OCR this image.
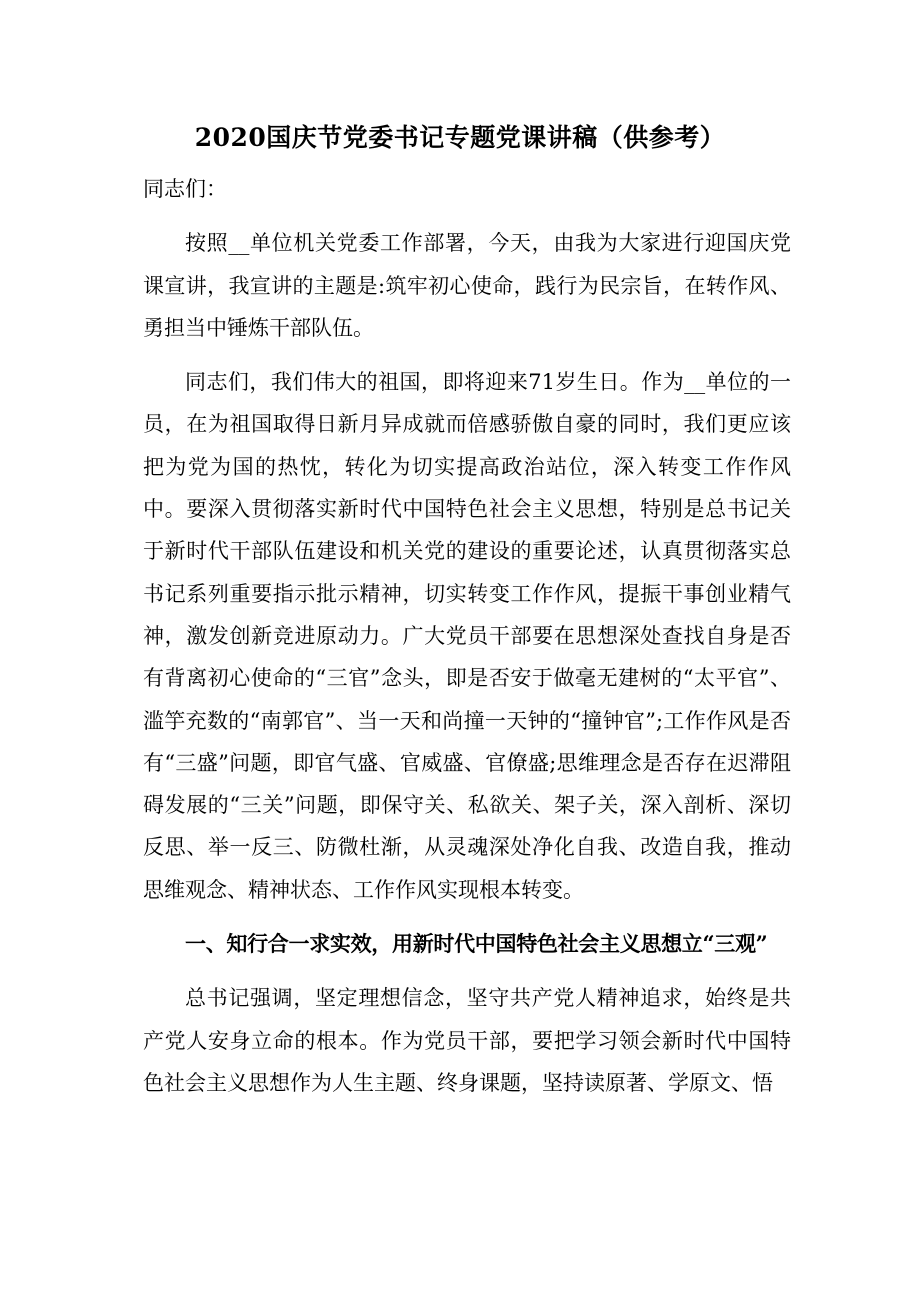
2020国庆节党委书记专题党课讲稿（供参考）

同志们：

按照__单位机关党委工作部署，今天，由我为大家进行迎国庆党课宣讲，我宣讲的主题是:筑牢初心使命，践行为民宗旨，在转作风、勇担当中锤炼干部队伍。

同志们，我们伟大的祖国，即将迎来71岁生日。作为__单位的一员，在为祖国取得日新月异成就而倍感骄傲自豪的同时，我们更应该把为党为国的热忱，转化为切实提高政治站位，深入转变工作作风中。要深入贯彻落实新时代中国特色社会主义思想，特别是总书记关于新时代干部队伍建设和机关党的建设的重要论述，认真贯彻落实总书记系列重要指示批示精神，切实转变工作作风，提振干事创业精气神，激发创新竞进原动力。广大党员干部要在思想深处查找自身是否有背离初心使命的“三官”念头，即是否安于做毫无建树的“太平官”、滥竽充数的“南郭官”、当一天和尚撞一天钟的“撞钟官”;工作作风是否有“三盛”问题，即官气盛、官威盛、官僚盛;思维理念是否存在迟滞阻碍发展的“三关”问题，即保守关、私欲关、架子关，深入剖析、深切反思、举一反三、防微杜渐，从灵魂深处净化自我、改造自我，推动思维观念、精神状态、工作作风实现根本转变。

一、知行合一求实效，用新时代中国特色社会主义思想立“三观”

总书记强调，坚定理想信念，坚守共产党人精神追求，始终是共产党人安身立命的根本。作为党员干部，要把学习领会新时代中国特色社会主义思想作为人生主题、终身课题，坚持读原著、学原文、悟
